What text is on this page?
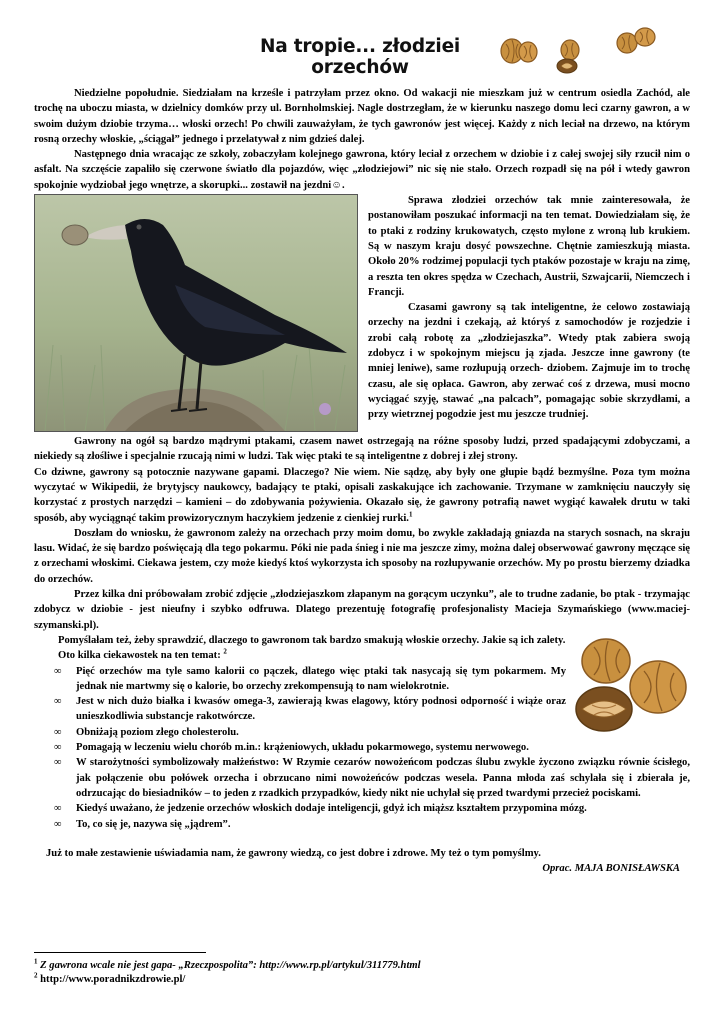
Na tropie... złodziei orzechów

Niedzielne popołudnie. Siedziałam na krześle i patrzyłam przez okno. Od wakacji nie mieszkam już w centrum osiedla Zachód, ale trochę na uboczu miasta, w dzielnicy domków przy ul. Bornholmskiej. Nagle dostrzegłam, że w kierunku naszego domu leci czarny gawron, a w swoim dużym dziobie trzyma… włoski orzech! Po chwili zauważyłam, że tych gawronów jest więcej. Każdy z nich leciał na drzewo, na którym rosną orzechy włoskie, „ściągał” jednego i przelatywał z nim gdzieś dalej.

Następnego dnia wracając ze szkoły, zobaczyłam kolejnego gawrona, który leciał z orzechem w dziobie i z całej swojej siły rzucił nim o asfalt. Na szczęście zapaliło się czerwone światło dla pojazdów, więc „złodziejowi” nic się nie stało. Orzech rozpadł się na pół i wtedy gawron spokojnie wydziobał jego wnętrze, a skorupki... zostawił na jezdni☺.

Sprawa złodziei orzechów tak mnie zainteresowała, że postanowiłam poszukać informacji na ten temat. Dowiedziałam się, że to ptaki z rodziny krukowatych, często mylone z wroną lub krukiem. Są w naszym kraju dosyć powszechne. Chętnie zamieszkują miasta. Około 20% rodzimej populacji tych ptaków pozostaje w kraju na zimę, a reszta ten okres spędza w Czechach, Austrii, Szwajcarii, Niemczech i Francji.

Czasami gawrony są tak inteligentne, że celowo zostawiają orzechy na jezdni i czekają, aż któryś z samochodów je rozjedzie i zrobi całą robotę za „złodziejaszka”. Wtedy ptak zabiera swoją zdobycz i w spokojnym miejscu ją zjada. Jeszcze inne gawrony (te mniej leniwe), same rozłupują orzech- dziobem. Zajmuje im to trochę czasu, ale się opłaca. Gawron, aby zerwać coś z drzewa, musi mocno wyciągać szyję, stawać „na palcach”, pomagając sobie skrzydłami, a przy wietrznej pogodzie jest mu jeszcze trudniej.

Gawrony na ogół są bardzo mądrymi ptakami, czasem nawet ostrzegają na różne sposoby ludzi, przed spadającymi zdobyczami, a niekiedy są złośliwe i specjalnie rzucają nimi w ludzi. Tak więc ptaki te są inteligentne z dobrej i złej strony.

Co dziwne, gawrony są potocznie nazywane gapami. Dlaczego? Nie wiem. Nie sądzę, aby były one głupie bądź bezmyślne. Poza tym można wyczytać w Wikipedii, że brytyjscy naukowcy, badający te ptaki, opisali zaskakujące ich zachowanie. Trzymane w zamknięciu nauczyły się korzystać z prostych narzędzi – kamieni – do zdobywania pożywienia. Okazało się, że gawrony potrafią nawet wygiąć kawałek drutu w taki sposób, aby wyciągnąć takim prowizorycznym haczykiem jedzenie z cienkiej rurki.$^1$

Doszłam do wniosku, że gawronom zależy na orzechach przy moim domu, bo zwykle zakładają gniazda na starych sosnach, na skraju lasu. Widać, że się bardzo poświęcają dla tego pokarmu. Póki nie pada śnieg i nie ma jeszcze zimy, można dalej obserwować gawrony męczące się z orzechami włoskimi. Ciekawa jestem, czy może kiedyś ktoś wykorzysta ich sposoby na rozłupywanie orzechów. My po prostu bierzemy dziadka do orzechów.

Przez kilka dni próbowałam zrobić zdjęcie „złodziejaszkom złapanym na gorącym uczynku”, ale to trudne zadanie, bo ptak - trzymając zdobycz w dziobie - jest nieufny i szybko odfruwa. Dlatego prezentuję fotografię profesjonalisty Macieja Szymańskiego (www.maciej-szymanski.pl).

Pomyślałam też, żeby sprawdzić, dlaczego to gawronom tak bardzo smakują włoskie orzechy. Jakie są ich zalety.

Oto kilka ciekawostek na ten temat: $^2$

∞ Pięć orzechów ma tyle samo kalorii co pączek, dlatego więc ptaki tak nasycają się tym pokarmem. My jednak nie martwmy się o kalorie, bo orzechy zrekompensują to nam wielokrotnie.
∞ Jest w nich dużo białka i kwasów omega-3, zawierają kwas elagowy, który podnosi odporność i wiąże oraz unieszkodliwia substancje rakotwórcze.
∞ Obniżają poziom złego cholesterolu.
∞ Pomagają w leczeniu wielu chorób m.in.: krążeniowych, układu pokarmowego, systemu nerwowego.
∞ W starożytności symbolizowały małżeństwo: W Rzymie cezarów nowożeńcom podczas ślubu zwykle życzono związku równie ścisłego, jak połączenie obu połówek orzecha i obrzucano nimi nowożeńców podczas wesela. Panna młoda zaś schylała się i zbierała je, odrzucając do biesiadników – to jeden z rzadkich przypadków, kiedy nikt nie uchylał się przed twardymi przecież pociskami.
∞ Kiedyś uważano, że jedzenie orzechów włoskich dodaje inteligencji, gdyż ich miąższ kształtem przypomina mózg.
∞ To, co się je, nazywa się „jądrem”.

Już to małe zestawienie uświadamia nam, że gawrony wiedzą, co jest dobre i zdrowe. My też o tym pomyślmy.

Oprac. MAJA BONISŁAWSKA

$^1$ Z gawrona wcale nie jest gapa- „Rzeczpospolita”: http://www.rp.pl/artykul/311779.html
$^2$ http://www.poradnikzdrowie.pl/
